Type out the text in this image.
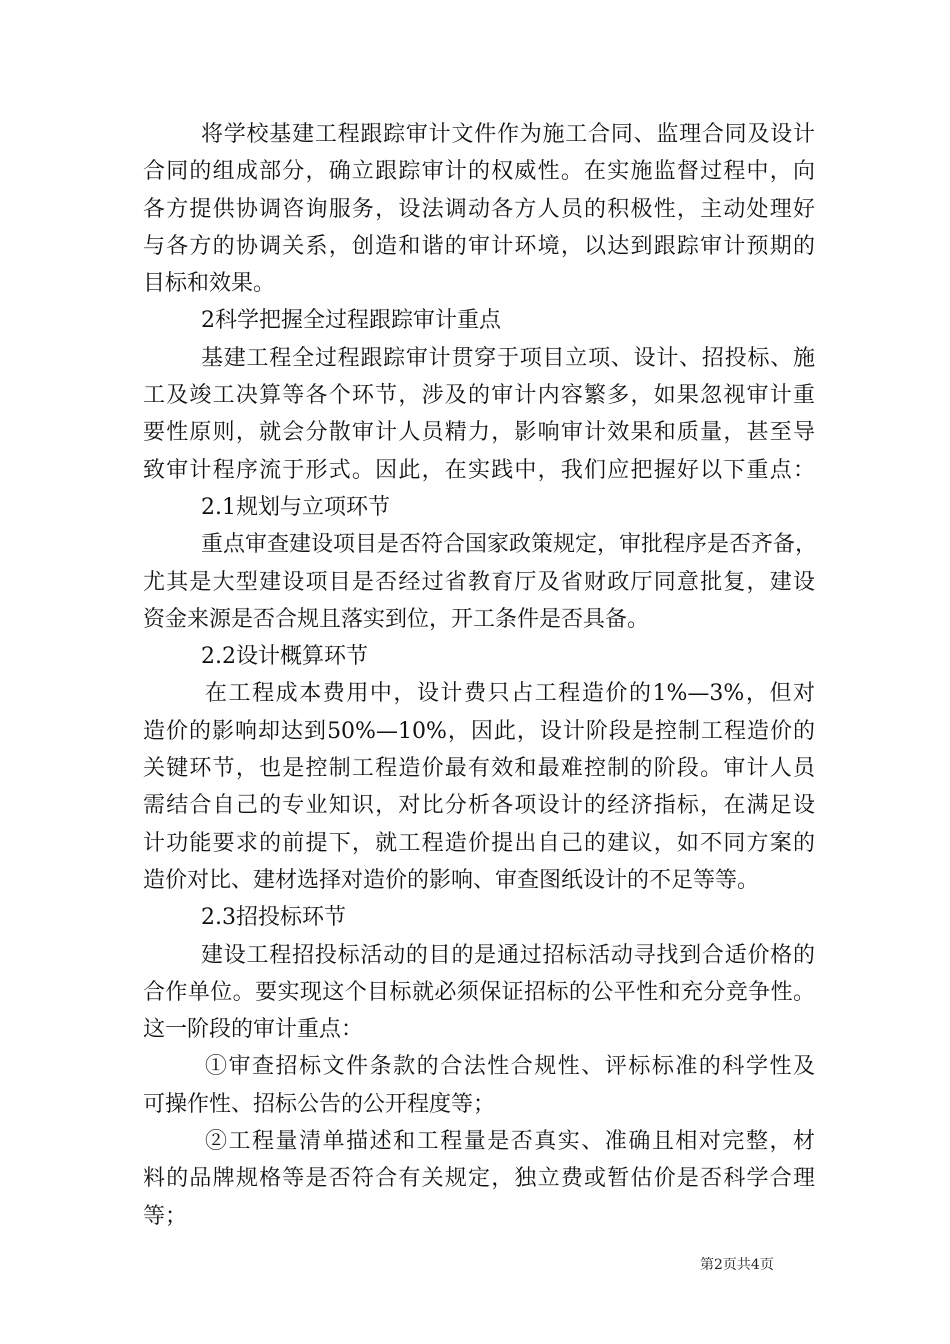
将学校基建工程跟踪审计文件作为施工合同、监理合同及设计
合同的组成部分，确立跟踪审计的权威性。在实施监督过程中，向
各方提供协调咨询服务，设法调动各方人员的积极性，主动处理好
与各方的协调关系，创造和谐的审计环境，以达到跟踪审计预期的
目标和效果。
2科学把握全过程跟踪审计重点
基建工程全过程跟踪审计贯穿于项目立项、设计、招投标、施
工及竣工决算等各个环节，涉及的审计内容繁多，如果忽视审计重
要性原则，就会分散审计人员精力，影响审计效果和质量，甚至导
致审计程序流于形式。因此，在实践中，我们应把握好以下重点：
2.1规划与立项环节
重点审查建设项目是否符合国家政策规定，审批程序是否齐备，
尤其是大型建设项目是否经过省教育厅及省财政厅同意批复，建设
资金来源是否合规且落实到位，开工条件是否具备。
2.2设计概算环节
在工程成本费用中，设计费只占工程造价的1%—3%，但对
造价的影响却达到50%—10%，因此，设计阶段是控制工程造价的
关键环节，也是控制工程造价最有效和最难控制的阶段。审计人员
需结合自己的专业知识，对比分析各项设计的经济指标，在满足设
计功能要求的前提下，就工程造价提出自己的建议，如不同方案的
造价对比、建材选择对造价的影响、审查图纸设计的不足等等。
2.3招投标环节
建设工程招投标活动的目的是通过招标活动寻找到合适价格的
合作单位。要实现这个目标就必须保证招标的公平性和充分竞争性。
这一阶段的审计重点：
①审查招标文件条款的合法性合规性、评标标准的科学性及
可操作性、招标公告的公开程度等；
②工程量清单描述和工程量是否真实、准确且相对完整，材
料的品牌规格等是否符合有关规定，独立费或暂估价是否科学合理
等；
第2页共4页
